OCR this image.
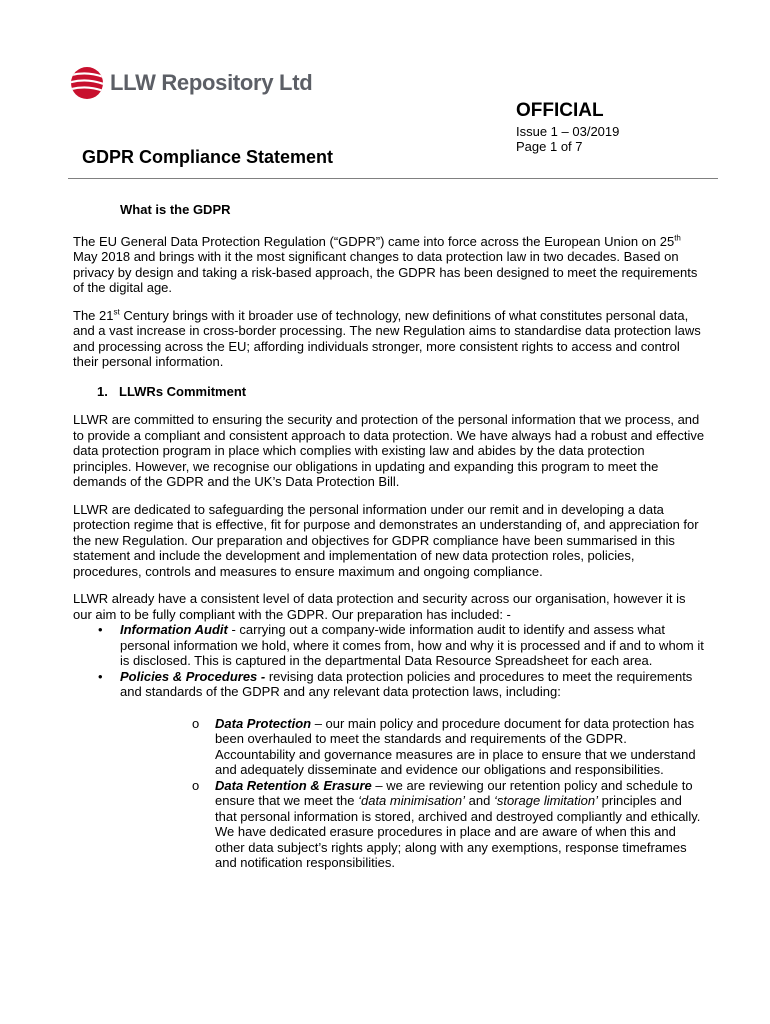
LLW Repository Ltd
OFFICIAL
Issue 1 – 03/2019
Page 1 of 7
GDPR Compliance Statement

What is the GDPR

The EU General Data Protection Regulation (“GDPR”) came into force across the European Union on 25th May 2018 and brings with it the most significant changes to data protection law in two decades. Based on privacy by design and taking a risk-based approach, the GDPR has been designed to meet the requirements of the digital age.

The 21st Century brings with it broader use of technology, new definitions of what constitutes personal data, and a vast increase in cross-border processing. The new Regulation aims to standardise data protection laws and processing across the EU; affording individuals stronger, more consistent rights to access and control their personal information.

1. LLWRs Commitment

LLWR are committed to ensuring the security and protection of the personal information that we process, and to provide a compliant and consistent approach to data protection. We have always had a robust and effective data protection program in place which complies with existing law and abides by the data protection principles. However, we recognise our obligations in updating and expanding this program to meet the demands of the GDPR and the UK’s Data Protection Bill.

LLWR are dedicated to safeguarding the personal information under our remit and in developing a data protection regime that is effective, fit for purpose and demonstrates an understanding of, and appreciation for the new Regulation. Our preparation and objectives for GDPR compliance have been summarised in this statement and include the development and implementation of new data protection roles, policies, procedures, controls and measures to ensure maximum and ongoing compliance.

LLWR already have a consistent level of data protection and security across our organisation, however it is our aim to be fully compliant with the GDPR. Our preparation has included: -

• Information Audit - carrying out a company-wide information audit to identify and assess what personal information we hold, where it comes from, how and why it is processed and if and to whom it is disclosed. This is captured in the departmental Data Resource Spreadsheet for each area.
• Policies & Procedures - revising data protection policies and procedures to meet the requirements and standards of the GDPR and any relevant data protection laws, including:
o Data Protection – our main policy and procedure document for data protection has been overhauled to meet the standards and requirements of the GDPR. Accountability and governance measures are in place to ensure that we understand and adequately disseminate and evidence our obligations and responsibilities.
o Data Retention & Erasure – we are reviewing our retention policy and schedule to ensure that we meet the ‘data minimisation’ and ‘storage limitation’ principles and that personal information is stored, archived and destroyed compliantly and ethically. We have dedicated erasure procedures in place and are aware of when this and other data subject’s rights apply; along with any exemptions, response timeframes and notification responsibilities.
